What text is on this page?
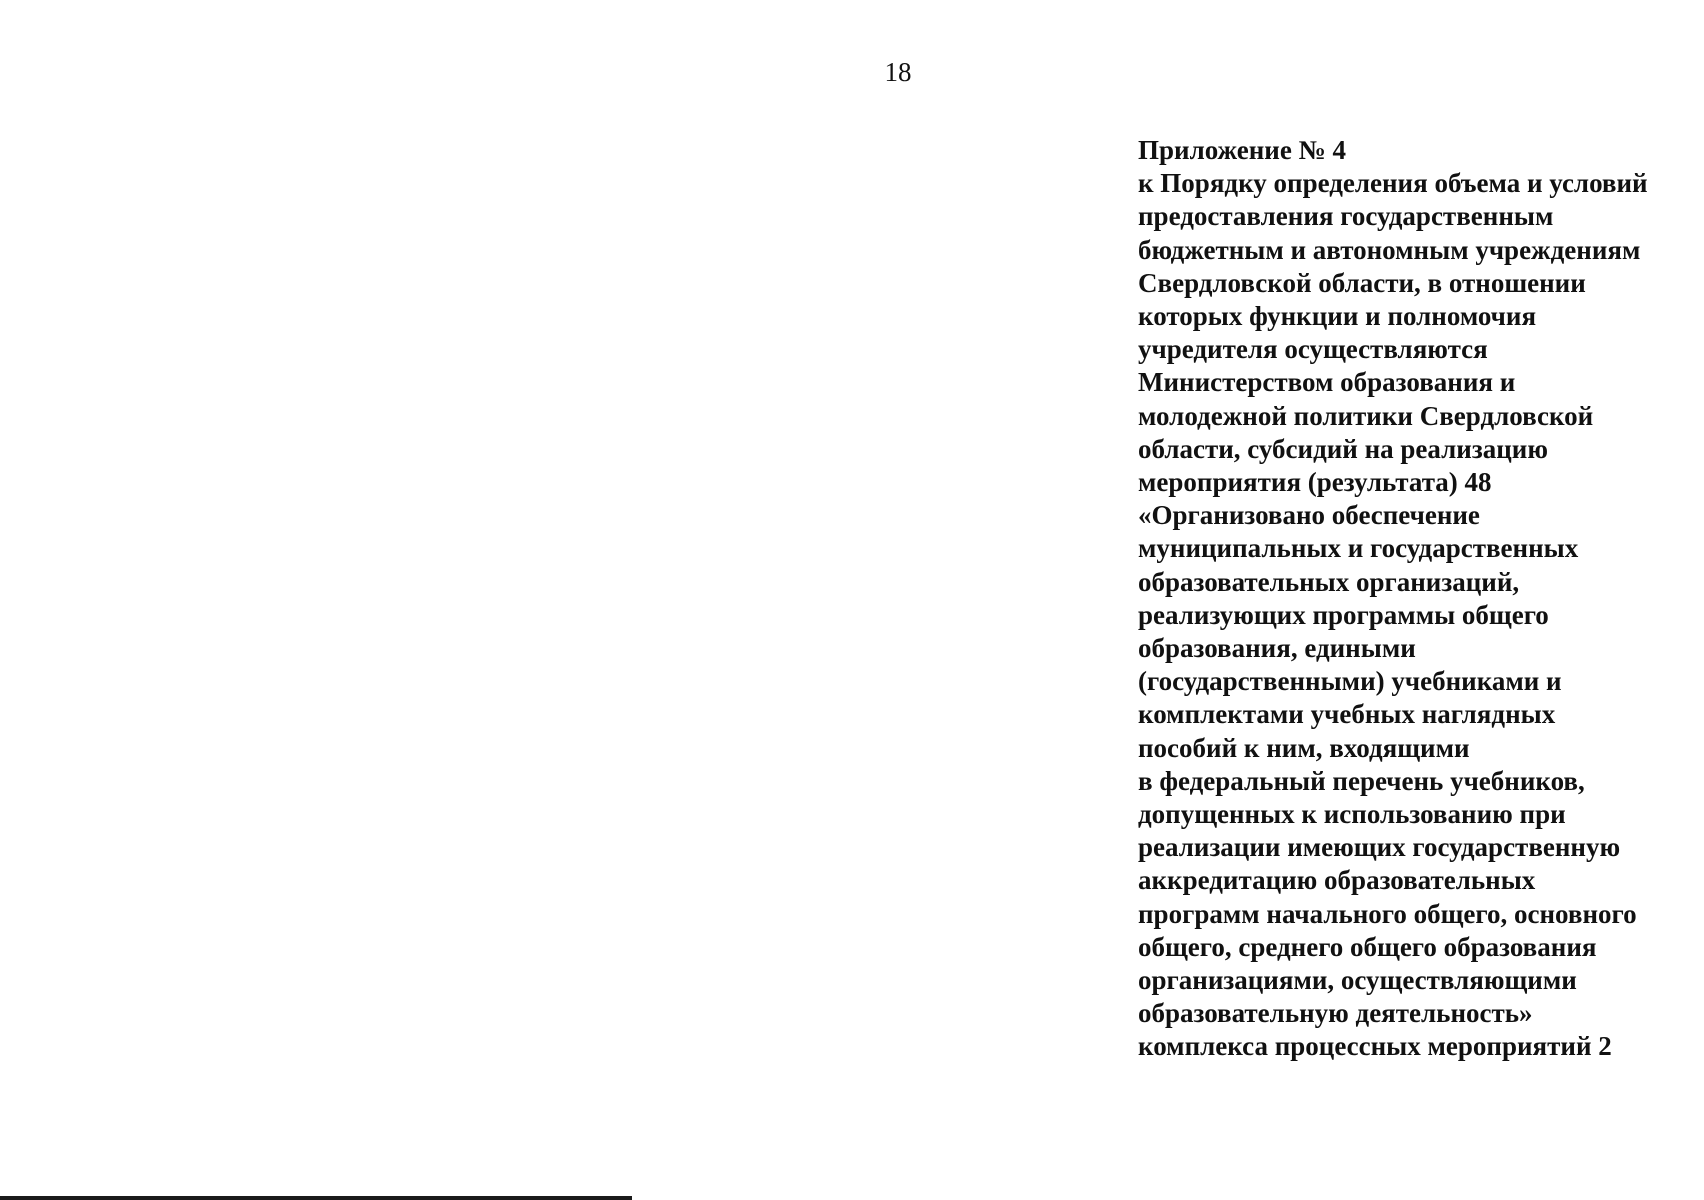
18
Приложение № 4
к Порядку определения объема и условий
предоставления государственным
бюджетным и автономным учреждениям
Свердловской области, в отношении
которых функции и полномочия
учредителя осуществляются
Министерством образования и
молодежной политики Свердловской
области, субсидий на реализацию
мероприятия (результата) 48
«Организовано обеспечение
муниципальных и государственных
образовательных организаций,
реализующих программы общего
образования, едиными
(государственными) учебниками и
комплектами учебных наглядных
пособий к ним, входящими
в федеральный перечень учебников,
допущенных к использованию при
реализации имеющих государственную
аккредитацию образовательных
программ начального общего, основного
общего, среднего общего образования
организациями, осуществляющими
образовательную деятельность»
комплекса процессных мероприятий 2
